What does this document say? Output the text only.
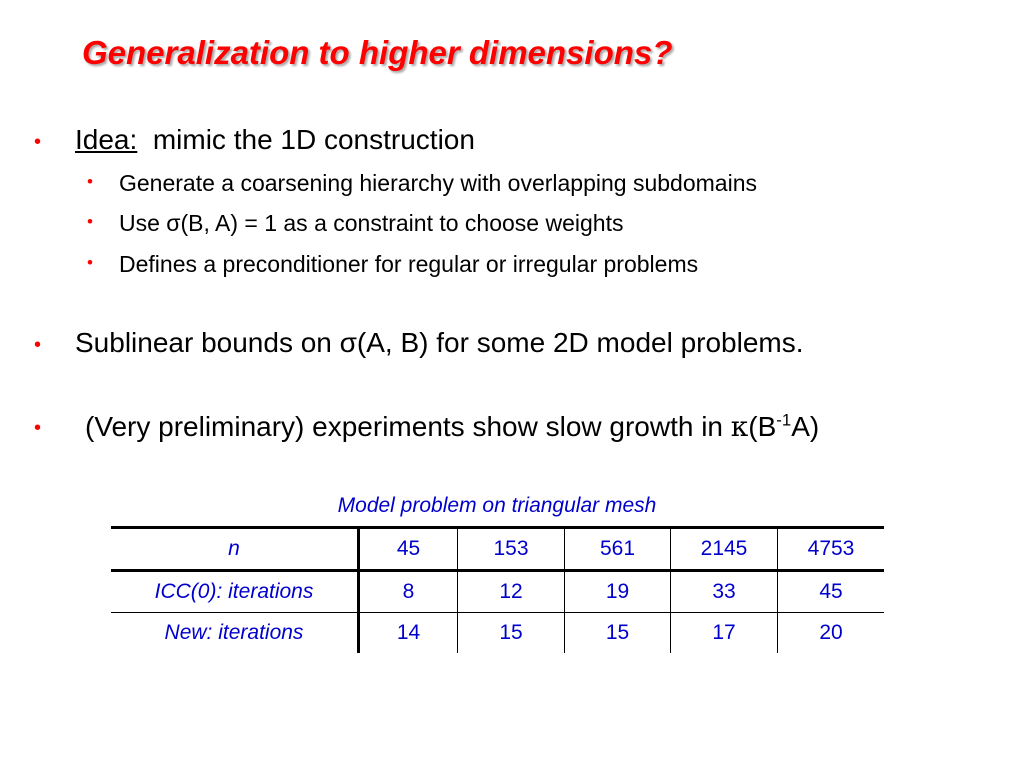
Generalization to higher dimensions?
• Idea: mimic the 1D construction
• Generate a coarsening hierarchy with overlapping subdomains
• Use σ(B, A) = 1 as a constraint to choose weights
• Defines a preconditioner for regular or irregular problems
• Sublinear bounds on σ(A, B) for some 2D model problems.
• (Very preliminary) experiments show slow growth in $\kappa(B^{-1}A)$
Model problem on triangular mesh
n	45	153	561	2145	4753
ICC(0): iterations	8	12	19	33	45
New: iterations	14	15	15	17	20
